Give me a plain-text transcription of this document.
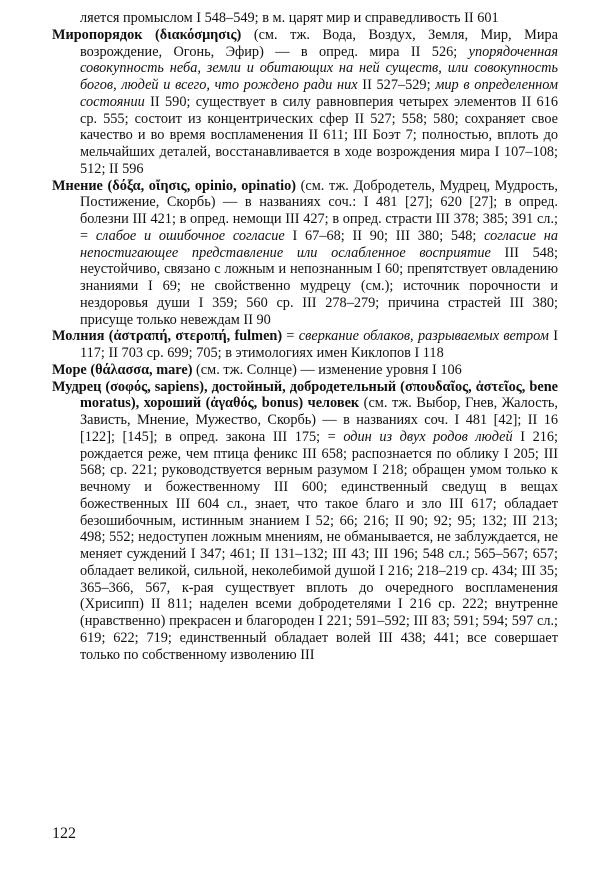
ляется промыслом I 548–549; в м. царят мир и справедливость II 601
Миропорядок (διακόσμησις) (см. тж. Вода, Воздух, Земля, Мир, Мира возрождение, Огонь, Эфир) — в опред. мира II 526; упорядоченная совокупность неба, земли и обитающих на ней существ, или совокупность богов, людей и всего, что рождено ради них II 527–529; мир в определенном состоянии II 590; существует в силу равновперия четырех элементов II 616 ср. 555; состоит из концентрических сфер II 527; 558; 580; сохраняет свое качество и во время воспламенения II 611; III Боэт 7; полностью, вплоть до мельчайших деталей, восстанавливается в ходе возрождения мира I 107–108; 512; II 596
Мнение (δόξα, οἴησις, opinio, opinatio) (см. тж. Добродетель, Мудрец, Мудрость, Постижение, Скорбь) — в названиях соч.: I 481 [27]; 620 [27]; в опред. болезни III 421; в опред. немощи III 427; в опред. страсти III 378; 385; 391 сл.; = слабое и ошибочное согласие I 67–68; II 90; III 380; 548; согласие на непостигающее представление или ослабленное восприятие III 548; неустойчиво, связано с ложным и непознанным I 60; препятствует овладению знаниями I 69; не свойственно мудрецу (см.); источник порочности и нездоровья души I 359; 560 ср. III 278–279; причина страстей III 380; присуще только невеждам II 90
Молния (ἀστραπή, στεροπή, fulmen) = сверкание облаков, разрываемых ветром I 117; II 703 ср. 699; 705; в этимологиях имен Киклопов I 118
Море (θάλασσα, mare) (см. тж. Солнце) — изменение уровня I 106
Мудрец (σοφός, sapiens), достойный, добродетельный (σπουδαῖος, ἀστεῖος, bene moratus), хороший (ἀγαθός, bonus) человек (см. тж. Выбор, Гнев, Жалость, Зависть, Мнение, Мужество, Скорбь) — в названиях соч. I 481 [42]; II 16 [122]; [145]; в опред. закона III 175; = один из двух родов людей I 216; рождается реже, чем птица феникс III 658; распознается по облику I 205; III 568; ср. 221; руководствуется верным разумом I 218; обращен умом только к вечному и божественному III 600; единственный сведущ в вещах божественных III 604 сл., знает, что такое благо и зло III 617; обладает безошибочным, истинным знанием I 52; 66; 216; II 90; 92; 95; 132; III 213; 498; 552; недоступен ложным мнениям, не обманывается, не заблуждается, не меняет суждений I 347; 461; II 131–132; III 43; III 196; 548 сл.; 565–567; 657; обладает великой, сильной, неколебимой душой I 216; 218–219 ср. 434; III 35; 365–366, 567, к-рая существует вплоть до очередного воспламенения (Хрисипп) II 811; наделен всеми добродетелями I 216 ср. 222; внутренне (нравственно) прекрасен и благороден I 221; 591–592; III 83; 591; 594; 597 сл.; 619; 622; 719; единственный обладает волей III 438; 441; все совершает только по собственному изволению III
122
